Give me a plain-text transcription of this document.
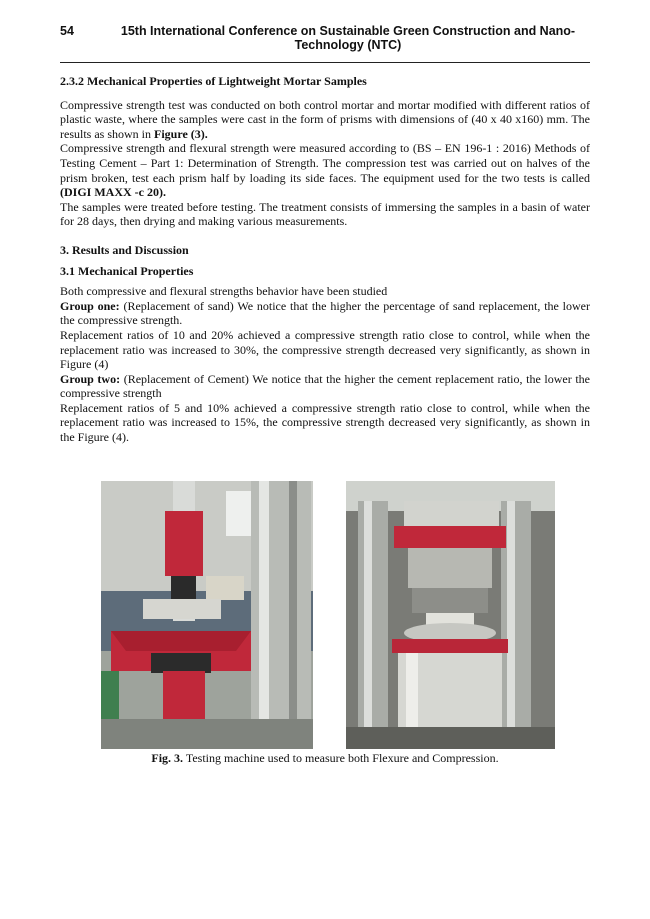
54	15th International Conference on Sustainable Green Construction and Nano-
Technology (NTC)

2.3.2 Mechanical Properties of Lightweight Mortar Samples

Compressive strength test was conducted on both control mortar and mortar modified with different ratios of plastic waste, where the samples were cast in the form of prisms with dimensions of (40 x 40 x160) mm. The results as shown in Figure (3).

Compressive strength and flexural strength were measured according to (BS – EN 196-1 : 2016) Methods of Testing Cement – Part 1: Determination of Strength. The compression test was carried out on halves of the prism broken, test each prism half by loading its side faces. The equipment used for the two tests is called (DIGI MAXX -c 20).

The samples were treated before testing. The treatment consists of immersing the samples in a basin of water for 28 days, then drying and making various measurements.

3. Results and Discussion

3.1 Mechanical Properties

Both compressive and flexural strengths behavior have been studied

Group one: (Replacement of sand) We notice that the higher the percentage of sand replacement, the lower the compressive strength.

Replacement ratios of 10 and 20% achieved a compressive strength ratio close to control, while when the replacement ratio was increased to 30%, the compressive strength decreased very significantly, as shown in Figure (4)

Group two: (Replacement of Cement) We notice that the higher the cement replacement ratio, the lower the compressive strength

Replacement ratios of 5 and 10% achieved a compressive strength ratio close to control, while when the replacement ratio was increased to 15%, the compressive strength decreased very significantly, as shown in the Figure (4).

Fig. 3. Testing machine used to measure both Flexure and Compression.
